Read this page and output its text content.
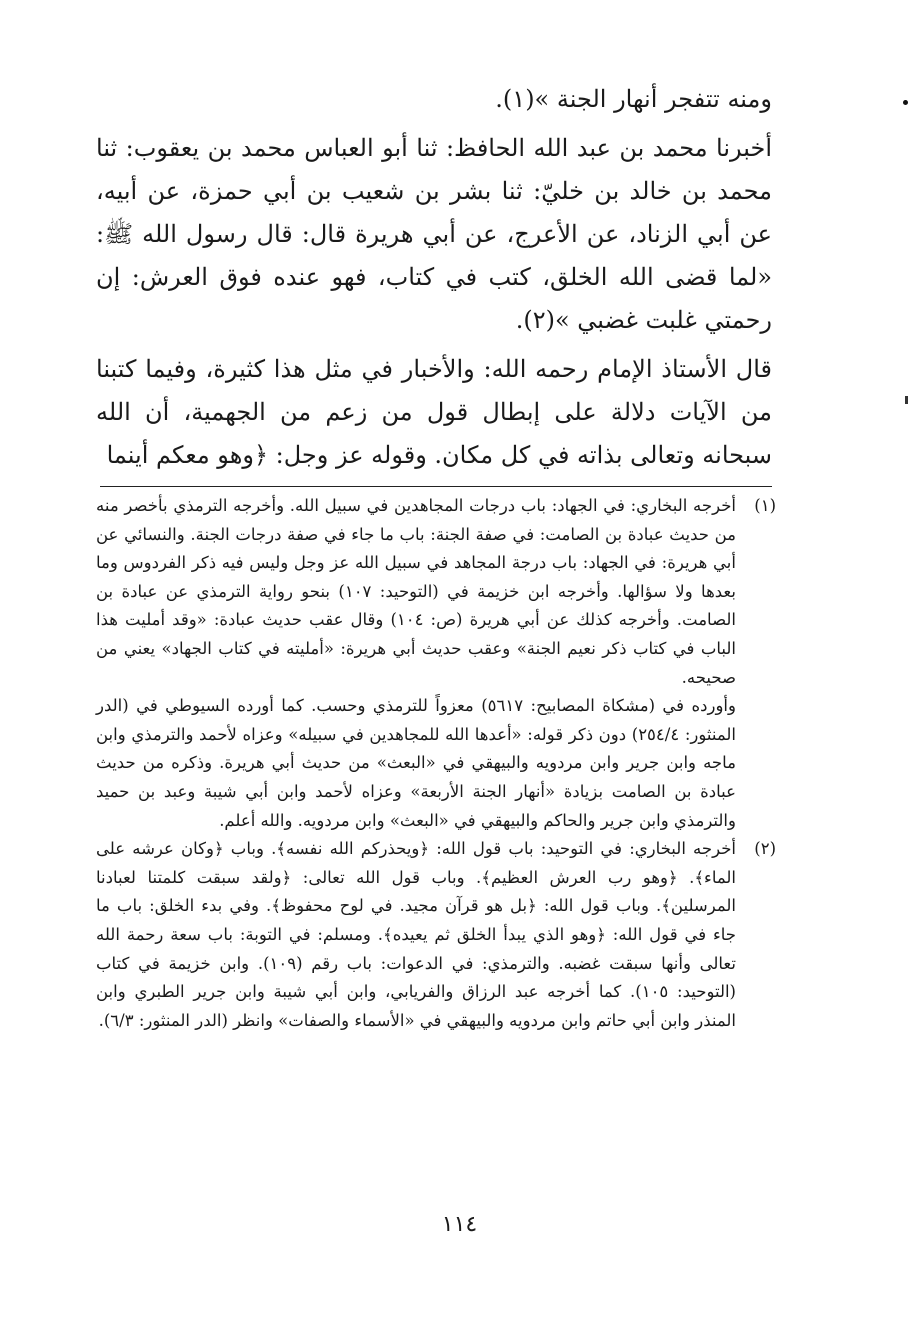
ومنه تتفجر أنهار الجنة »(١).

أخبرنا محمد بن عبد الله الحافظ: ثنا أبو العباس محمد بن يعقوب: ثنا محمد بن خالد بن خليّ: ثنا بشر بن شعيب بن أبي حمزة، عن أبيه، عن أبي الزناد، عن الأعرج، عن أبي هريرة قال: قال رسول الله ﷺ: «لما قضى الله الخلق، كتب في كتاب، فهو عنده فوق العرش: إن رحمتي غلبت غضبي »(٢).

قال الأستاذ الإمام رحمه الله: والأخبار في مثل هذا كثيرة، وفيما كتبنا من الآيات دلالة على إبطال قول من زعم من الجهمية، أن الله سبحانه وتعالى بذاته في كل مكان. وقوله عز وجل: ﴿وهو معكم أينما

(١)
أخرجه البخاري: في الجهاد: باب درجات المجاهدين في سبيل الله. وأخرجه الترمذي بأخصر منه من حديث عبادة بن الصامت: في صفة الجنة: باب ما جاء في صفة درجات الجنة. والنسائي عن أبي هريرة: في الجهاد: باب درجة المجاهد في سبيل الله عز وجل وليس فيه ذكر الفردوس وما بعدها ولا سؤالها. وأخرجه ابن خزيمة في (التوحيد: ١٠٧) بنحو رواية الترمذي عن عبادة بن الصامت. وأخرجه كذلك عن أبي هريرة (ص: ١٠٤) وقال عقب حديث عبادة: «وقد أمليت هذا الباب في كتاب ذكر نعيم الجنة» وعقب حديث أبي هريرة: «أمليته في كتاب الجهاد» يعني من صحيحه.
وأورده في (مشكاة المصابيح: ٥٦١٧) معزواً للترمذي وحسب. كما أورده السيوطي في (الدر المنثور: ٢٥٤/٤) دون ذكر قوله: «أعدها الله للمجاهدين في سبيله» وعزاه لأحمد والترمذي وابن ماجه وابن جرير وابن مردويه والبيهقي في «البعث» من حديث أبي هريرة. وذكره من حديث عبادة بن الصامت بزيادة «أنهار الجنة الأربعة» وعزاه لأحمد وابن أبي شيبة وعبد بن حميد والترمذي وابن جرير والحاكم والبيهقي في «البعث» وابن مردويه. والله أعلم.
(٢)
أخرجه البخاري: في التوحيد: باب قول الله: ﴿ويحذركم الله نفسه﴾. وباب ﴿وكان عرشه على الماء﴾. ﴿وهو رب العرش العظيم﴾. وباب قول الله تعالى: ﴿ولقد سبقت كلمتنا لعبادنا المرسلين﴾. وباب قول الله: ﴿بل هو قرآن مجيد. في لوح محفوظ﴾. وفي بدء الخلق: باب ما جاء في قول الله: ﴿وهو الذي يبدأ الخلق ثم يعيده﴾. ومسلم: في التوبة: باب سعة رحمة الله تعالى وأنها سبقت غضبه. والترمذي: في الدعوات: باب رقم (١٠٩). وابن خزيمة في كتاب (التوحيد: ١٠٥). كما أخرجه عبد الرزاق والفريابي، وابن أبي شيبة وابن جرير الطبري وابن المنذر وابن أبي حاتم وابن مردويه والبيهقي في «الأسماء والصفات» وانظر (الدر المنثور: ٦/٣).
١١٤
